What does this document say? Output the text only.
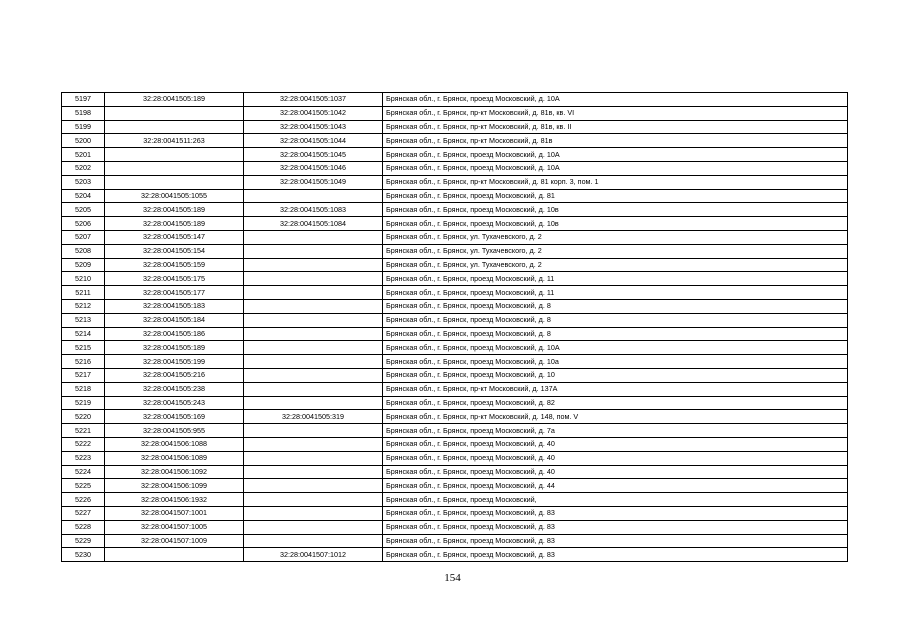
5197	32:28:0041505:189	32:28:0041505:1037	Брянская обл., г. Брянск, проезд Московский, д. 10А
5198		32:28:0041505:1042	Брянская обл., г. Брянск, пр-кт Московский, д. 81в, кв. VI
5199		32:28:0041505:1043	Брянская обл., г. Брянск, пр-кт Московский, д. 81в, кв. II
5200	32:28:0041511:263	32:28:0041505:1044	Брянская обл., г. Брянск, пр-кт Московский, д. 81в
5201		32:28:0041505:1045	Брянская обл., г. Брянск, проезд Московский, д. 10А
5202		32:28:0041505:1046	Брянская обл., г. Брянск, проезд Московский, д. 10А
5203		32:28:0041505:1049	Брянская обл., г. Брянск, пр-кт Московский, д. 81 корп. 3, пом. 1
5204	32:28:0041505:1055		Брянская обл., г. Брянск, проезд Московский, д. 81
5205	32:28:0041505:189	32:28:0041505:1083	Брянская обл., г. Брянск, проезд Московский, д. 10в
5206	32:28:0041505:189	32:28:0041505:1084	Брянская обл., г. Брянск, проезд Московский, д. 10в
5207	32:28:0041505:147		Брянская обл., г. Брянск, ул. Тухачевского, д. 2
5208	32:28:0041505:154		Брянская обл., г. Брянск, ул. Тухачевского, д. 2
5209	32:28:0041505:159		Брянская обл., г. Брянск, ул. Тухачевского, д. 2
5210	32:28:0041505:175		Брянская обл., г. Брянск, проезд Московский, д. 11
5211	32:28:0041505:177		Брянская обл., г. Брянск, проезд Московский, д. 11
5212	32:28:0041505:183		Брянская обл., г. Брянск, проезд Московский, д. 8
5213	32:28:0041505:184		Брянская обл., г. Брянск, проезд Московский, д. 8
5214	32:28:0041505:186		Брянская обл., г. Брянск, проезд Московский, д. 8
5215	32:28:0041505:189		Брянская обл., г. Брянск, проезд Московский, д. 10А
5216	32:28:0041505:199		Брянская обл., г. Брянск, проезд Московский, д. 10а
5217	32:28:0041505:216		Брянская обл., г. Брянск, проезд Московский, д. 10
5218	32:28:0041505:238		Брянская обл., г. Брянск, пр-кт Московский, д. 137А
5219	32:28:0041505:243		Брянская обл., г. Брянск, проезд Московский, д. 82
5220	32:28:0041505:169	32:28:0041505:319	Брянская обл., г. Брянск, пр-кт Московский, д. 148, пом. V
5221	32:28:0041505:955		Брянская обл., г. Брянск, проезд Московский, д. 7а
5222	32:28:0041506:1088		Брянская обл., г. Брянск, проезд Московский, д. 40
5223	32:28:0041506:1089		Брянская обл., г. Брянск, проезд Московский, д. 40
5224	32:28:0041506:1092		Брянская обл., г. Брянск, проезд Московский, д. 40
5225	32:28:0041506:1099		Брянская обл., г. Брянск, проезд Московский, д. 44
5226	32:28:0041506:1932		Брянская обл., г. Брянск, проезд Московский,
5227	32:28:0041507:1001		Брянская обл., г. Брянск, проезд Московский, д. 83
5228	32:28:0041507:1005		Брянская обл., г. Брянск, проезд Московский, д. 83
5229	32:28:0041507:1009		Брянская обл., г. Брянск, проезд Московский, д. 83
5230		32:28:0041507:1012	Брянская обл., г. Брянск, проезд Московский, д. 83
154
